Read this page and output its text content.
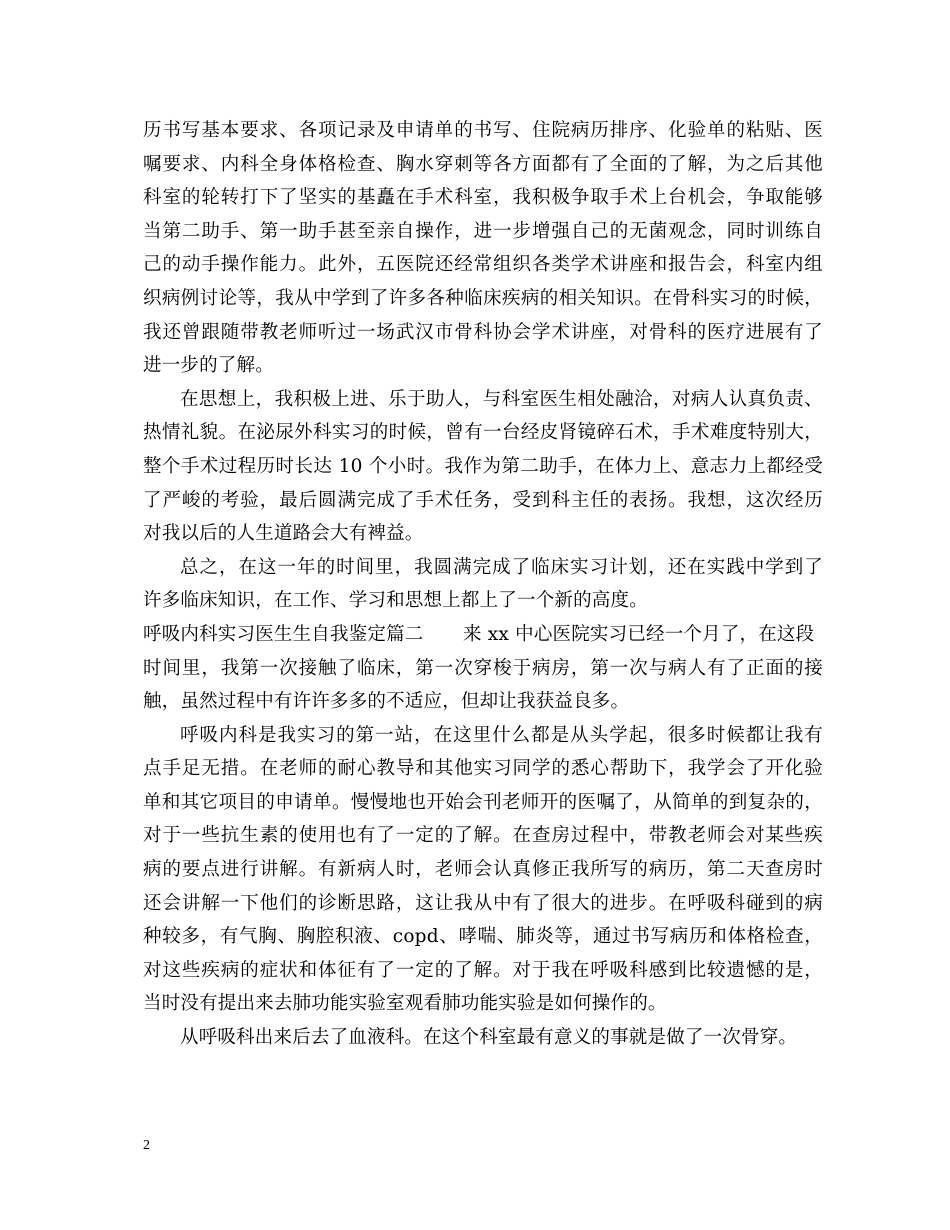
历书写基本要求、各项记录及申请单的书写、住院病历排序、化验单的粘贴、医
嘱要求、内科全身体格检查、胸水穿刺等各方面都有了全面的了解，为之后其他
科室的轮转打下了坚实的基矗在手术科室，我积极争取手术上台机会，争取能够
当第二助手、第一助手甚至亲自操作，进一步增强自己的无菌观念，同时训练自
己的动手操作能力。此外，五医院还经常组织各类学术讲座和报告会，科室内组
织病例讨论等，我从中学到了许多各种临床疾病的相关知识。在骨科实习的时候，
我还曾跟随带教老师听过一场武汉市骨科协会学术讲座，对骨科的医疗进展有了
进一步的了解。
在思想上，我积极上进、乐于助人，与科室医生相处融洽，对病人认真负责、
热情礼貌。在泌尿外科实习的时候，曾有一台经皮肾镜碎石术，手术难度特别大，
整个手术过程历时长达 10 个小时。我作为第二助手，在体力上、意志力上都经受
了严峻的考验，最后圆满完成了手术任务，受到科主任的表扬。我想，这次经历
对我以后的人生道路会大有裨益。
总之，在这一年的时间里，我圆满完成了临床实习计划，还在实践中学到了
许多临床知识，在工作、学习和思想上都上了一个新的高度。
呼吸内科实习医生生自我鉴定篇二 来 xx 中心医院实习已经一个月了，在这段
时间里，我第一次接触了临床，第一次穿梭于病房，第一次与病人有了正面的接
触，虽然过程中有许许多多的不适应，但却让我获益良多。
呼吸内科是我实习的第一站，在这里什么都是从头学起，很多时候都让我有
点手足无措。在老师的耐心教导和其他实习同学的悉心帮助下，我学会了开化验
单和其它项目的申请单。慢慢地也开始会刊老师开的医嘱了，从简单的到复杂的，
对于一些抗生素的使用也有了一定的了解。在查房过程中，带教老师会对某些疾
病的要点进行讲解。有新病人时，老师会认真修正我所写的病历，第二天查房时
还会讲解一下他们的诊断思路，这让我从中有了很大的进步。在呼吸科碰到的病
种较多，有气胸、胸腔积液、copd、哮喘、肺炎等，通过书写病历和体格检查，
对这些疾病的症状和体征有了一定的了解。对于我在呼吸科感到比较遗憾的是，
当时没有提出来去肺功能实验室观看肺功能实验是如何操作的。
从呼吸科出来后去了血液科。在这个科室最有意义的事就是做了一次骨穿。
2
